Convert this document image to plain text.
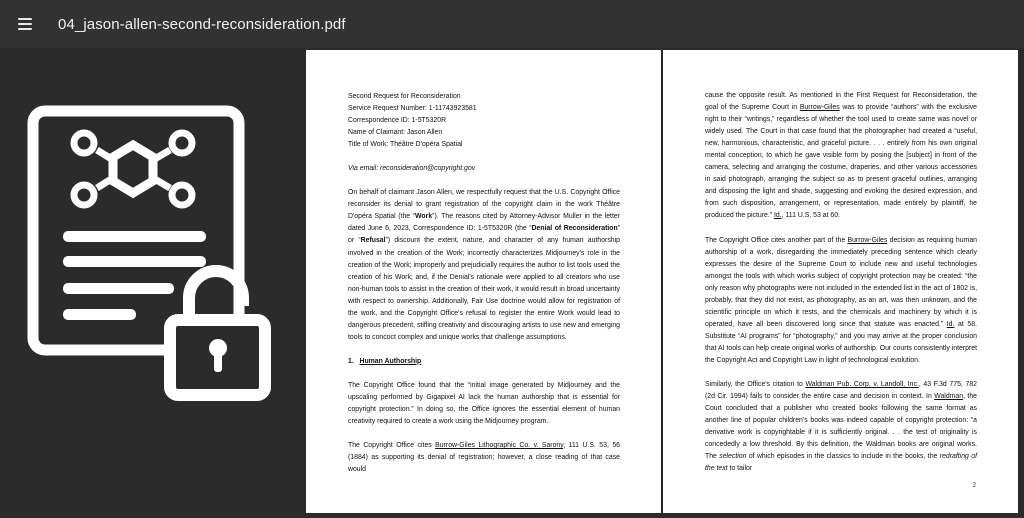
04_jason-allen-second-reconsideration.pdf

Second Request for Reconsideration

Service Request Number: 1-11743923581

Correspondence ID: 1-5T5320R

Name of Claimant: Jason Allen

Title of Work: Théâtre D'opéra Spatial

Via email: reconsideration@copyright.gov

On behalf of claimant Jason Allen, we respectfully request that the U.S. Copyright Office reconsider its denial to grant registration of the copyright claim in the work Théâtre D'opéra Spatial (the “Work”). The reasons cited by Attorney-Advisor Muller in the letter dated June 6, 2023, Correspondence ID: 1-5T5320R (the “Denial of Reconsideration” or “Refusal”) discount the extent, nature, and character of any human authorship involved in the creation of the Work; incorrectly characterizes Midjourney's role in the creation of the Work; improperly and prejudicially requires the author to list tools used the creation of his Work; and, if the Denial's rationale were applied to all creators who use non-human tools to assist in the creation of their work, it would result in broad uncertainty with respect to ownership. Additionally, Fair Use doctrine would allow for registration of the work, and the Copyright Office's refusal to register the entire Work would lead to dangerous precedent, stifling creativity and discouraging artists to use new and emerging tools to concoct complex and unique works that challenge assumptions.

1. Human Authorship

The Copyright Office found that the “initial image generated by Midjourney and the upscaling performed by Gigapixel AI lack the human authorship that is essential for copyright protection.” In doing so, the Office ignores the essential element of human creativity required to create a work using the Midjourney program.

The Copyright Office cites Burrow-Giles Lithographic Co. v. Sarony, 111 U.S. 53, 56 (1884) as supporting its denial of registration; however, a close reading of that case would

cause the opposite result. As mentioned in the First Request for Reconsideration, the goal of the Supreme Court in Burrow-Giles was to provide “authors” with the exclusive right to their “writings,” regardless of whether the tool used to create same was novel or widely used. The Court in that case found that the photographer had created a “useful, new, harmonious, characteristic, and graceful picture. . . . entirely from his own original mental conception, to which he gave visible form by posing the [subject] in front of the camera, selecting and arranging the costume, draperies, and other various accessories in said photograph, arranging the subject so as to present graceful outlines, arranging and disposing the light and shade, suggesting and evoking the desired expression, and from such disposition, arrangement, or representation, made entirely by plaintiff, he produced the picture.” Id., 111 U.S. 53 at 60.

The Copyright Office cites another part of the Burrow-Giles decision as requiring human authorship of a work, disregarding the immediately preceding sentence which clearly expresses the desire of the Supreme Court to include new and useful technologies amongst the tools with which works subject of copyright protection may be created: “the only reason why photographs were not included in the extended list in the act of 1802 is, probably, that they did not exist, as photography, as an art, was then unknown, and the scientific principle on which it rests, and the chemicals and machinery by which it is operated, have all been discovered long since that statute was enacted.” Id. at 58. Substitute “AI programs” for “photography,” and you may arrive at the proper conclusion that AI tools can help create original works of authorship. Our courts consistently interpret the Copyright Act and Copyright Law in light of technological evolution.

Similarly, the Office's citation to Waldman Pub. Corp. v. Landoll, Inc., 43 F.3d 775, 782 (2d Cir. 1994) fails to consider the entire case and decision in context. In Waldman, the Court concluded that a publisher who created books following the same format as another line of popular children's books was indeed capable of copyright protection: “a derivative work is copyrightable if it is sufficiently original. . . the test of originality is concededly a low threshold. By this definition, the Waldman books are original works. The selection of which episodes in the classics to include in the books, the redrafting of the text to tailor

2
